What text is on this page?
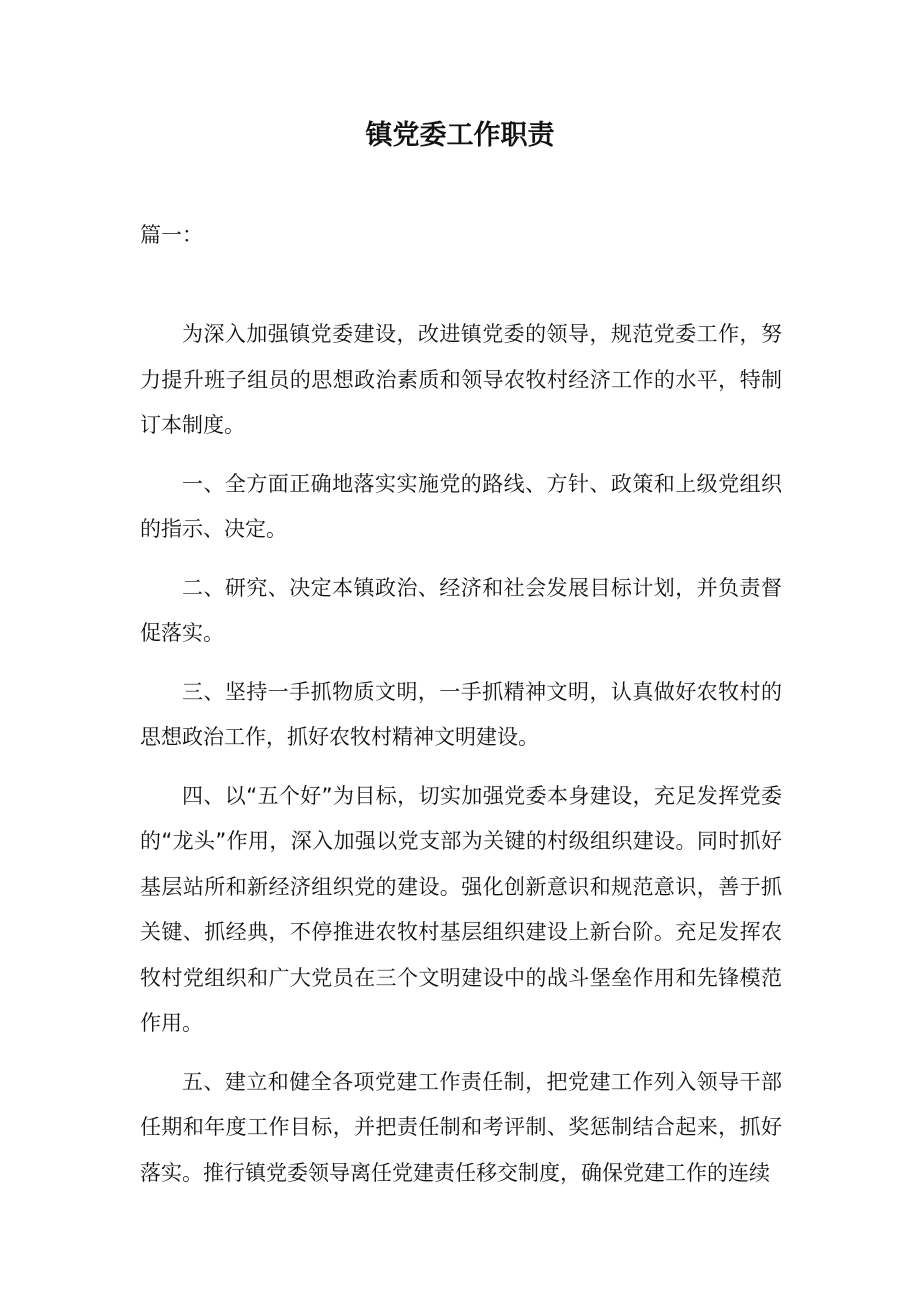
镇党委工作职责

篇一：

为深入加强镇党委建设，改进镇党委的领导，规范党委工作，努力提升班子组员的思想政治素质和领导农牧村经济工作的水平，特制订本制度。

一、全方面正确地落实实施党的路线、方针、政策和上级党组织的指示、决定。

二、研究、决定本镇政治、经济和社会发展目标计划，并负责督促落实。

三、坚持一手抓物质文明，一手抓精神文明，认真做好农牧村的思想政治工作，抓好农牧村精神文明建设。

四、以“五个好”为目标，切实加强党委本身建设，充足发挥党委的“龙头”作用，深入加强以党支部为关键的村级组织建设。同时抓好基层站所和新经济组织党的建设。强化创新意识和规范意识，善于抓关键、抓经典，不停推进农牧村基层组织建设上新台阶。充足发挥农牧村党组织和广大党员在三个文明建设中的战斗堡垒作用和先锋模范作用。

五、建立和健全各项党建工作责任制，把党建工作列入领导干部任期和年度工作目标，并把责任制和考评制、奖惩制结合起来，抓好落实。推行镇党委领导离任党建责任移交制度，确保党建工作的连续
